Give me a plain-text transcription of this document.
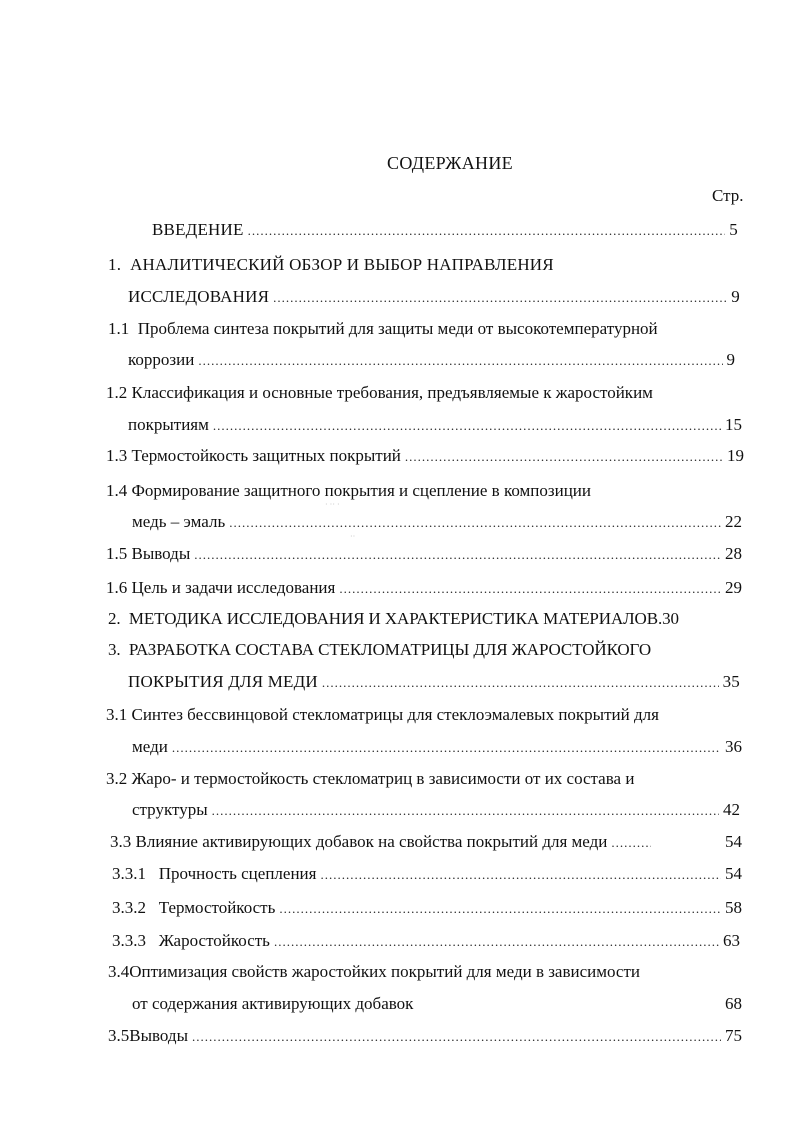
СОДЕРЖАНИЕ
Стр.
ВВЕДЕНИЕ .....	5
1. АНАЛИТИЧЕСКИЙ ОБЗОР И ВЫБОР НАПРАВЛЕНИЯ
ИССЛЕДОВАНИЯ .....	9
1.1 Проблема синтеза покрытий для защиты меди от высокотемпературной
коррозии .....	9
1.2 Классификация и основные требования, предъявляемые к жаростойким
покрытиям .....	15
1.3 Термостойкость защитных покрытий .....	19
1.4 Формирование защитного покрытия и сцепление в композиции
медь – эмаль .....	22
1.5 Выводы .....	28
1.6 Цель и задачи исследования .....	29
2. МЕТОДИКА ИССЛЕДОВАНИЯ И ХАРАКТЕРИСТИКА МАТЕРИАЛОВ.30
3. РАЗРАБОТКА СОСТАВА СТЕКЛОМАТРИЦЫ ДЛЯ ЖАРОСТОЙКОГО
ПОКРЫТИЯ ДЛЯ МЕДИ .....	35
3.1 Синтез бессвинцовой стекломатрицы для стеклоэмалевых покрытий для
меди .....	36
3.2 Жаро- и термостойкость стекломатриц в зависимости от их состава и
структуры .....	42
3.3 Влияние активирующих добавок на свойства покрытий для меди .....	54
3.3.1 Прочность сцепления .....	54
3.3.2 Термостойкость .....	58
3.3.3 Жаростойкость .....	63
3.4Оптимизация свойств жаростойких покрытий для меди в зависимости
от содержания активирующих добавок	68
3.5Выводы .....	75
· ·· ·
··
